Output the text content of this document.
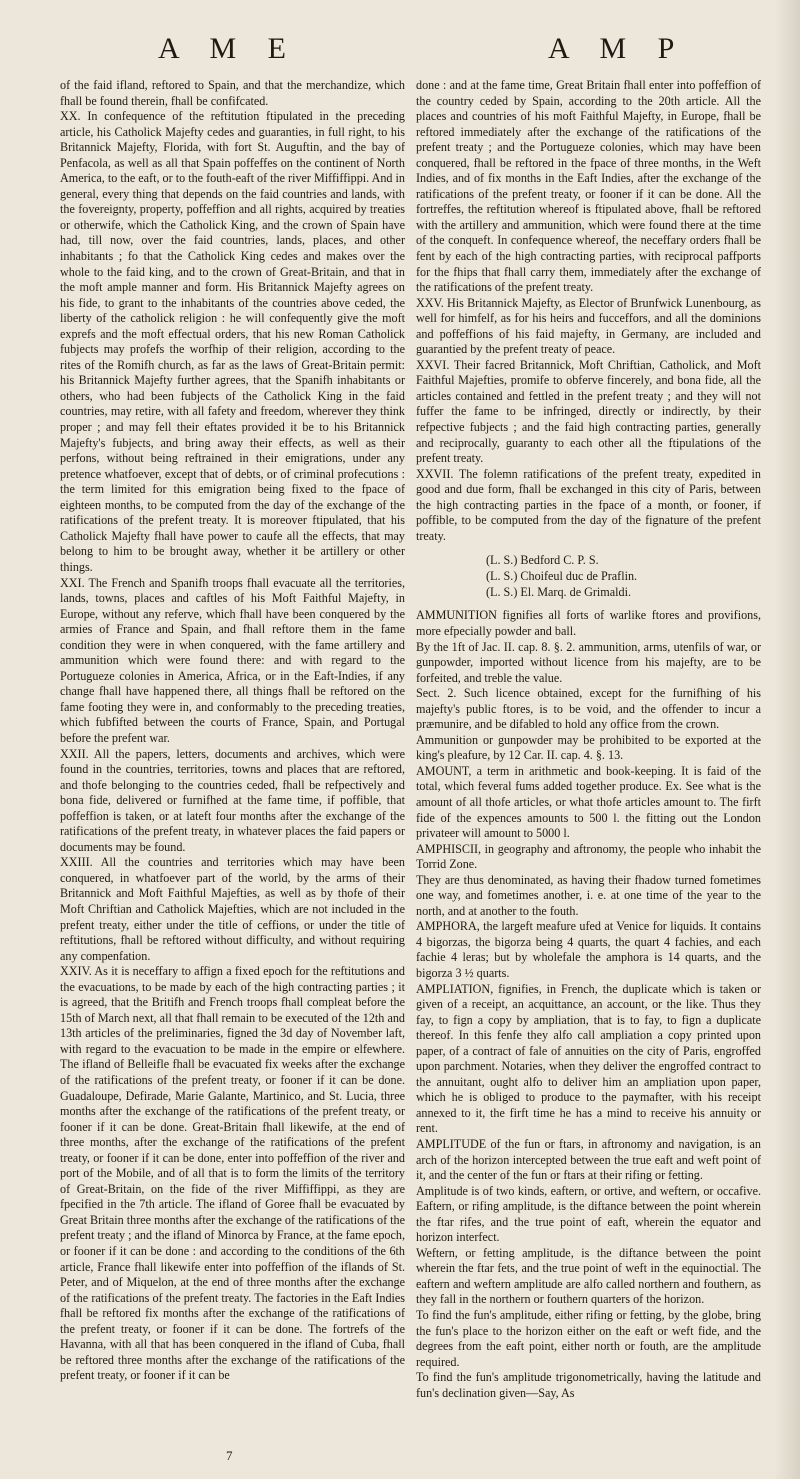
A M E	A M P

of the faid ifland, reftored to Spain, and that the merchandize, which fhall be found therein, fhall be confifcated.

XX. In confequence of the reftitution ftipulated in the preceding article, his Catholick Majefty cedes and guaranties, in full right, to his Britannick Majefty, Florida, with fort St. Auguftin, and the bay of Penfacola, as well as all that Spain poffeffes on the continent of North America, to the eaft, or to the fouth-eaft of the river Miffiffippi. And in general, every thing that depends on the faid countries and lands, with the fovereignty, property, poffeffion and all rights, acquired by treaties or otherwife, which the Catholick King, and the crown of Spain have had, till now, over the faid countries, lands, places, and other inhabitants ; fo that the Catholick King cedes and makes over the whole to the faid king, and to the crown of Great-Britain, and that in the moft ample manner and form. His Britannick Majefty agrees on his fide, to grant to the inhabitants of the countries above ceded, the liberty of the catholick religion : he will confequently give the moft exprefs and the moft effectual orders, that his new Roman Catholick fubjects may profefs the worfhip of their religion, according to the rites of the Romifh church, as far as the laws of Great-Britain permit: his Britannick Majefty further agrees, that the Spanifh inhabitants or others, who had been fubjects of the Catholick King in the faid countries, may retire, with all fafety and freedom, wherever they think proper ; and may fell their eftates provided it be to his Britannick Majefty's fubjects, and bring away their effects, as well as their perfons, without being reftrained in their emigrations, under any pretence whatfoever, except that of debts, or of criminal profecutions : the term limited for this emigration being fixed to the fpace of eighteen months, to be computed from the day of the exchange of the ratifications of the prefent treaty. It is moreover ftipulated, that his Catholick Majefty fhall have power to caufe all the effects, that may belong to him to be brought away, whether it be artillery or other things.

XXI. The French and Spanifh troops fhall evacuate all the territories, lands, towns, places and caftles of his Moft Faithful Majefty, in Europe, without any referve, which fhall have been conquered by the armies of France and Spain, and fhall reftore them in the fame condition they were in when conquered, with the fame artillery and ammunition which were found there: and with regard to the Portugueze colonies in America, Africa, or in the Eaft-Indies, if any change fhall have happened there, all things fhall be reftored on the fame footing they were in, and conformably to the preceding treaties, which fubfifted between the courts of France, Spain, and Portugal before the prefent war.

XXII. All the papers, letters, documents and archives, which were found in the countries, territories, towns and places that are reftored, and thofe belonging to the countries ceded, fhall be refpectively and bona fide, delivered or furnifhed at the fame time, if poffible, that poffeffion is taken, or at lateft four months after the exchange of the ratifications of the prefent treaty, in whatever places the faid papers or documents may be found.

XXIII. All the countries and territories which may have been conquered, in whatfoever part of the world, by the arms of their Britannick and Moft Faithful Majefties, as well as by thofe of their Moft Chriftian and Catholick Majefties, which are not included in the prefent treaty, either under the title of ceffions, or under the title of reftitutions, fhall be reftored without difficulty, and without requiring any compenfation.

XXIV. As it is neceffary to affign a fixed epoch for the reftitutions and the evacuations, to be made by each of the high contracting parties ; it is agreed, that the Britifh and French troops fhall compleat before the 15th of March next, all that fhall remain to be executed of the 12th and 13th articles of the preliminaries, figned the 3d day of November laft, with regard to the evacuation to be made in the empire or elfewhere. The ifland of Belleifle fhall be evacuated fix weeks after the exchange of the ratifications of the prefent treaty, or fooner if it can be done. Guadaloupe, Defirade, Marie Galante, Martinico, and St. Lucia, three months after the exchange of the ratifications of the prefent treaty, or fooner if it can be done. Great-Britain fhall likewife, at the end of three months, after the exchange of the ratifications of the prefent treaty, or fooner if it can be done, enter into poffeffion of the river and port of the Mobile, and of all that is to form the limits of the territory of Great-Britain, on the fide of the river Miffiffippi, as they are fpecified in the 7th article. The ifland of Goree fhall be evacuated by Great Britain three months after the exchange of the ratifications of the prefent treaty ; and the ifland of Minorca by France, at the fame epoch, or fooner if it can be done : and according to the conditions of the 6th article, France fhall likewife enter into poffeffion of the iflands of St. Peter, and of Miquelon, at the end of three months after the exchange of the ratifications of the prefent treaty. The factories in the Eaft Indies fhall be reftored fix months after the exchange of the ratifications of the prefent treaty, or fooner if it can be done. The fortrefs of the Havanna, with all that has been conquered in the ifland of Cuba, fhall be reftored three months after the exchange of the ratifications of the prefent treaty, or fooner if it can be

done : and at the fame time, Great Britain fhall enter into poffeffion of the country ceded by Spain, according to the 20th article. All the places and countries of his moft Faithful Majefty, in Europe, fhall be reftored immediately after the exchange of the ratifications of the prefent treaty ; and the Portugueze colonies, which may have been conquered, fhall be reftored in the fpace of three months, in the Weft Indies, and of fix months in the Eaft Indies, after the exchange of the ratifications of the prefent treaty, or fooner if it can be done. All the fortreffes, the reftitution whereof is ftipulated above, fhall be reftored with the artillery and ammunition, which were found there at the time of the conqueft. In confequence whereof, the neceffary orders fhall be fent by each of the high contracting parties, with reciprocal paffports for the fhips that fhall carry them, immediately after the exchange of the ratifications of the prefent treaty.

XXV. His Britannick Majefty, as Elector of Brunfwick Lunenbourg, as well for himfelf, as for his heirs and fucceffors, and all the dominions and poffeffions of his faid majefty, in Germany, are included and guarantied by the prefent treaty of peace.

XXVI. Their facred Britannick, Moft Chriftian, Catholick, and Moft Faithful Majefties, promife to obferve fincerely, and bona fide, all the articles contained and fettled in the prefent treaty ; and they will not fuffer the fame to be infringed, directly or indirectly, by their refpective fubjects ; and the faid high contracting parties, generally and reciprocally, guaranty to each other all the ftipulations of the prefent treaty.

XXVII. The folemn ratifications of the prefent treaty, expedited in good and due form, fhall be exchanged in this city of Paris, between the high contracting parties in the fpace of a month, or fooner, if poffible, to be computed from the day of the fignature of the prefent treaty.

(L. S.) Bedford C. P. S.
(L. S.) Choifeul duc de Praflin.
(L. S.) El. Marq. de Grimaldi.

AMMUNITION fignifies all forts of warlike ftores and provifions, more efpecially powder and ball.

By the 1ft of Jac. II. cap. 8. §. 2. ammunition, arms, utenfils of war, or gunpowder, imported without licence from his majefty, are to be forfeited, and treble the value.

Sect. 2. Such licence obtained, except for the furnifhing of his majefty's public ftores, is to be void, and the offender to incur a præmunire, and be difabled to hold any office from the crown.

Ammunition or gunpowder may be prohibited to be exported at the king's pleafure, by 12 Car. II. cap. 4. §. 13.

AMOUNT, a term in arithmetic and book-keeping. It is faid of the total, which feveral fums added together produce. Ex. See what is the amount of all thofe articles, or what thofe articles amount to. The firft fide of the expences amounts to 500 l. the fitting out the London privateer will amount to 5000 l.

AMPHISCII, in geography and aftronomy, the people who inhabit the Torrid Zone.

They are thus denominated, as having their fhadow turned fometimes one way, and fometimes another, i. e. at one time of the year to the north, and at another to the fouth.

AMPHORA, the largeft meafure ufed at Venice for liquids. It contains 4 bigorzas, the bigorza being 4 quarts, the quart 4 fachies, and each fachie 4 leras; but by wholefale the amphora is 14 quarts, and the bigorza 3 ½ quarts.

AMPLIATION, fignifies, in French, the duplicate which is taken or given of a receipt, an acquittance, an account, or the like. Thus they fay, to fign a copy by ampliation, that is to fay, to fign a duplicate thereof. In this fenfe they alfo call ampliation a copy printed upon paper, of a contract of fale of annuities on the city of Paris, engroffed upon parchment. Notaries, when they deliver the engroffed contract to the annuitant, ought alfo to deliver him an ampliation upon paper, which he is obliged to produce to the paymafter, with his receipt annexed to it, the firft time he has a mind to receive his annuity or rent.

AMPLITUDE of the fun or ftars, in aftronomy and navigation, is an arch of the horizon intercepted between the true eaft and weft point of it, and the center of the fun or ftars at their rifing or fetting.

Amplitude is of two kinds, eaftern, or ortive, and weftern, or occafive. Eaftern, or rifing amplitude, is the diftance between the point wherein the ftar rifes, and the true point of eaft, wherein the equator and horizon interfect.

Weftern, or fetting amplitude, is the diftance between the point wherein the ftar fets, and the true point of weft in the equinoctial. The eaftern and weftern amplitude are alfo called northern and fouthern, as they fall in the northern or fouthern quarters of the horizon.

To find the fun's amplitude, either rifing or fetting, by the globe, bring the fun's place to the horizon either on the eaft or weft fide, and the degrees from the eaft point, either north or fouth, are the amplitude required.

To find the fun's amplitude trigonometrically, having the latitude and fun's declination given—Say, As

7
